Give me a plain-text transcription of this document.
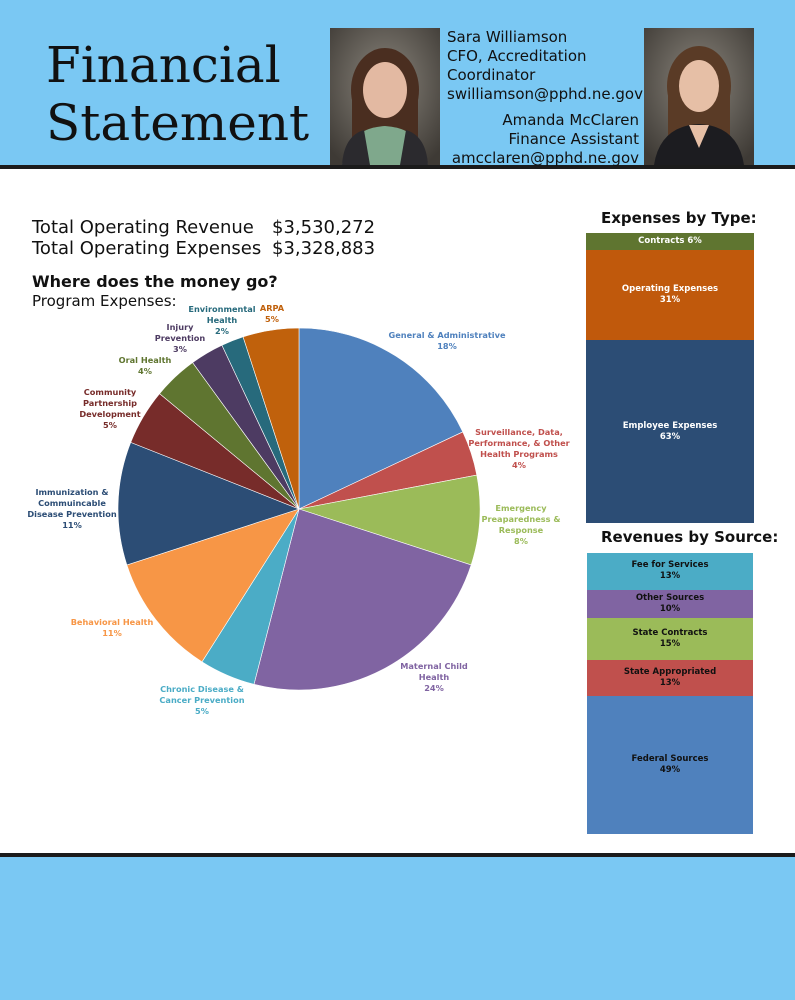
Financial
Statement
Sara Williamson
CFO, Accreditation
Coordinator
swilliamson@pphd.ne.gov
Amanda McClaren
Finance Assistant
amcclaren@pphd.ne.gov
Total Operating Revenue	$3,530,272
Total Operating Expenses $3,328,883
Where does the money go?
Program Expenses:
General & Administrative
18%
Surveillance, Data,
Performance, & Other
Health Programs
4%
Emergency
Preaparedness &
Response
8%
Maternal Child
Health
24%
Chronic Disease &
Cancer Prevention
5%
Behavioral Health
11%
Immunization &
Commuincable
Disease Prevention
11%
Community
Partnership
Development
5%
Oral Health
4%
Injury
Prevention
3%
Environmental
Health
2%
ARPA
5%
Expenses by Type:
Contracts 6%
Operating Expenses
31%
Employee Expenses
63%
Revenues by Source:
Fee for Services
13%
Other Sources
10%
State Contracts
15%
State Appropriated
13%
Federal Sources
49%
